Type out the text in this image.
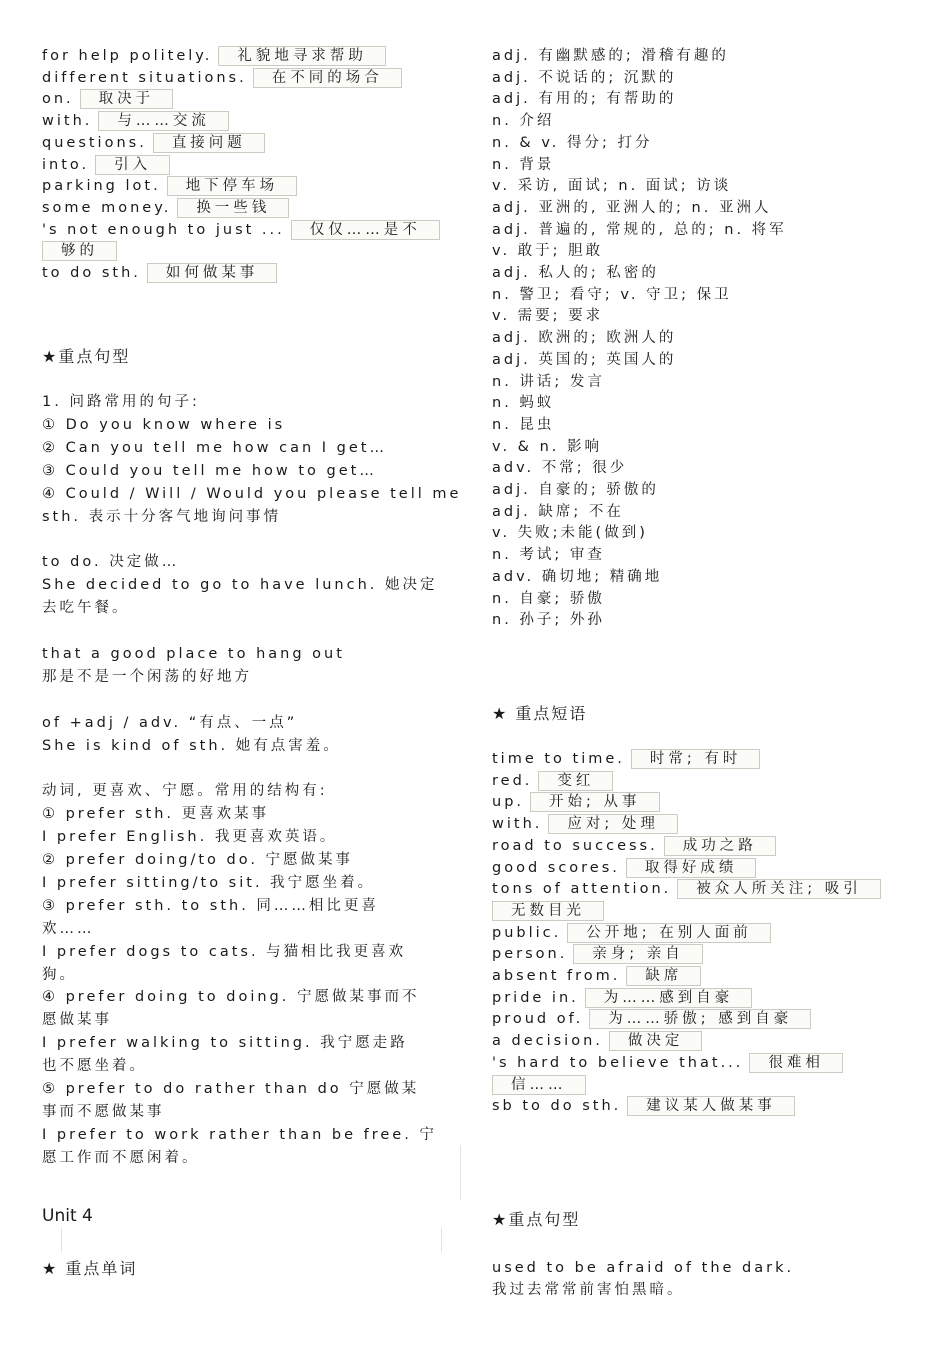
for help politely. 礼貌地寻求帮助
different situations. 在不同的场合
on. 取决于
with. 与……交流
questions. 直接问题
into. 引入
parking lot. 地下停车场
some money. 换一些钱
's not enough to just ... 仅仅……是不
够的
to do sth. 如何做某事
★重点句型
1. 问路常用的句子:
① Do you know where is
② Can you tell me how can I get…
③ Could you tell me how to get…
④ Could / Will / Would you please tell me
sth. 表示十分客气地询问事情
to do. 决定做…
She decided to go to have lunch. 她决定
去吃午餐。
that a good place to hang out
那是不是一个闲荡的好地方
of +adj / adv. “有点、一点”
She is kind of sth. 她有点害羞。
动词, 更喜欢、宁愿。常用的结构有:
① prefer sth. 更喜欢某事
I prefer English. 我更喜欢英语。
② prefer doing/to do. 宁愿做某事
I prefer sitting/to sit. 我宁愿坐着。
③ prefer sth. to sth. 同……相比更喜
欢……
I prefer dogs to cats. 与猫相比我更喜欢
狗。
④ prefer doing to doing. 宁愿做某事而不
愿做某事
I prefer walking to sitting. 我宁愿走路
也不愿坐着。
⑤ prefer to do rather than do 宁愿做某
事而不愿做某事
I prefer to work rather than be free. 宁
愿工作而不愿闲着。
Unit 4
★ 重点单词
adj. 有幽默感的; 滑稽有趣的
adj. 不说话的; 沉默的
adj. 有用的; 有帮助的
n. 介绍
n. & v. 得分; 打分
n. 背景
v. 采访, 面试; n. 面试; 访谈
adj. 亚洲的, 亚洲人的; n. 亚洲人
adj. 普遍的, 常规的, 总的; n. 将军
v. 敢于; 胆敢
adj. 私人的; 私密的
n. 警卫; 看守; v. 守卫; 保卫
v. 需要; 要求
adj. 欧洲的; 欧洲人的
adj. 英国的; 英国人的
n. 讲话; 发言
n. 蚂蚁
n. 昆虫
v. & n. 影响
adv. 不常; 很少
adj. 自豪的; 骄傲的
adj. 缺席; 不在
v. 失败;未能(做到)
n. 考试; 审查
adv. 确切地; 精确地
n. 自豪; 骄傲
n. 孙子; 外孙
★ 重点短语
time to time. 时常; 有时
red. 变红
up. 开始; 从事
with. 应对; 处理
road to success. 成功之路
good scores. 取得好成绩
tons of attention. 被众人所关注; 吸引
无数目光
public. 公开地; 在别人面前
person. 亲身; 亲自
absent from. 缺席
pride in. 为……感到自豪
proud of. 为……骄傲; 感到自豪
a decision. 做决定
's hard to believe that... 很难相
信……
sb to do sth. 建议某人做某事
★重点句型
used to be afraid of the dark.
我过去常常前害怕黑暗。
